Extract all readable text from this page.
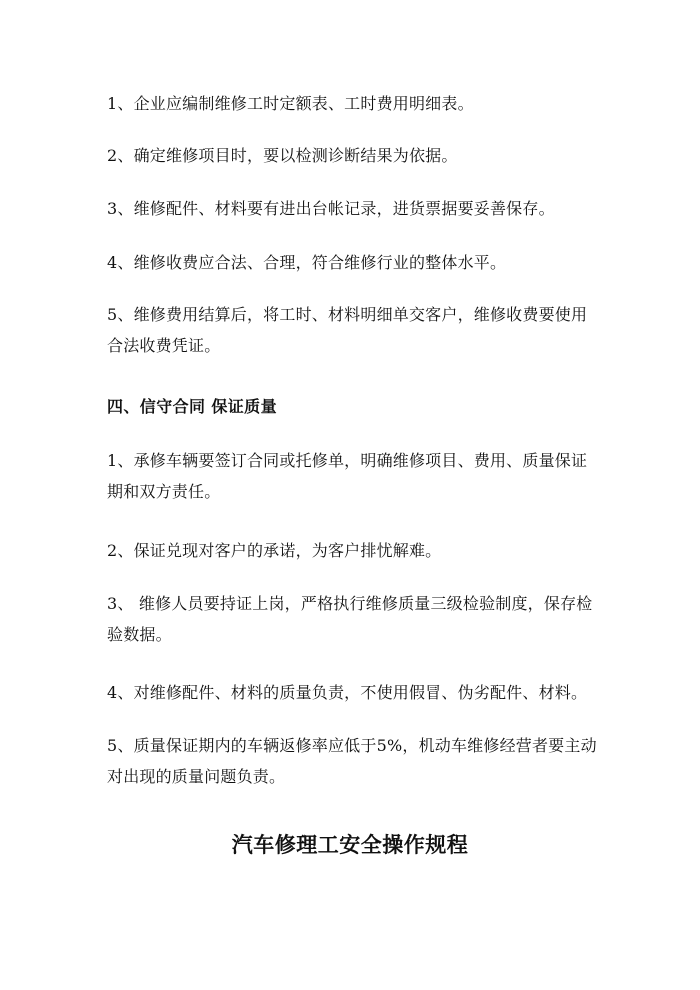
1、企业应编制维修工时定额表、工时费用明细表。

2、确定维修项目时，要以检测诊断结果为依据。

3、维修配件、材料要有进出台帐记录，进货票据要妥善保存。

4、维修收费应合法、合理，符合维修行业的整体水平。

5、维修费用结算后，将工时、材料明细单交客户，维修收费要使用合法收费凭证。

四、信守合同 保证质量

1、承修车辆要签订合同或托修单，明确维修项目、费用、质量保证期和双方责任。

2、保证兑现对客户的承诺，为客户排忧解难。

3、 维修人员要持证上岗，严格执行维修质量三级检验制度，保存检验数据。

4、对维修配件、材料的质量负责，不使用假冒、伪劣配件、材料。

5、质量保证期内的车辆返修率应低于5%，机动车维修经营者要主动对出现的质量问题负责。

汽车修理工安全操作规程
